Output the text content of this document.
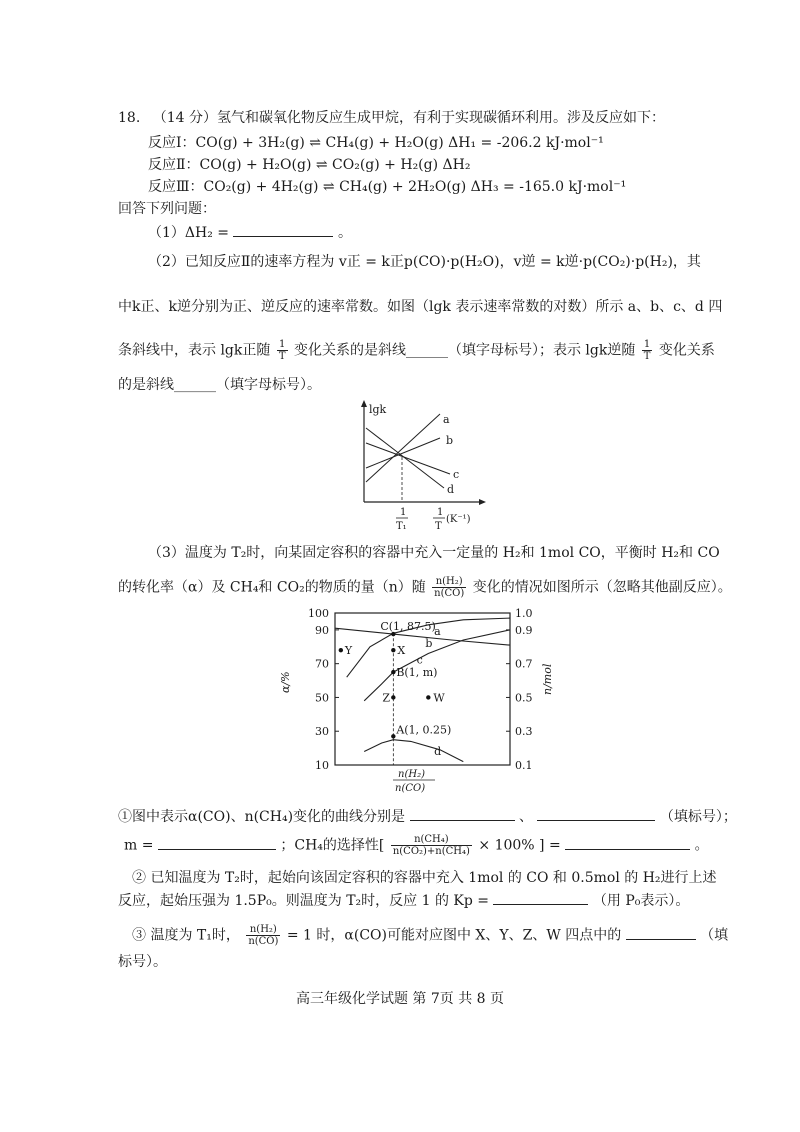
18. （14 分）氢气和碳氧化物反应生成甲烷，有利于实现碳循环利用。涉及反应如下：
反应Ⅰ：CO(g) + 3H₂(g) ⇌ CH₄(g) + H₂O(g) ΔH₁ = -206.2 kJ·mol⁻¹
反应Ⅱ：CO(g) + H₂O(g) ⇌ CO₂(g) + H₂(g) ΔH₂
反应Ⅲ：CO₂(g) + 4H₂(g) ⇌ CH₄(g) + 2H₂O(g) ΔH₃ = -165.0 kJ·mol⁻¹
回答下列问题：
（1）ΔH₂ =	。
（2）已知反应Ⅱ的速率方程为 v正 = k正p(CO)·p(H₂O)，v逆 = k逆·p(CO₂)·p(H₂)，其
中k正、k逆分别为正、逆反应的速率常数。如图（lgk 表示速率常数的对数）所示 a、b、c、d 四
条斜线中，表示 lgk正随 $\frac{1}{T}$ 变化关系的是斜线______（填字母标号）；表示 lgk逆随 $\frac{1}{T}$ 变化关系
的是斜线______（填字母标号）。
lgk
a
b
c
d
1
T₁
1
T
(K⁻¹)
（3）温度为 T₂时，向某固定容积的容器中充入一定量的 H₂和 1mol CO，平衡时 H₂和 CO
的转化率（α）及 CH₄和 CO₂的物质的量（n）随 $\frac{\text{n(H₂)}}{n(CO)}$ 变化的情况如图所示（忽略其他副反应）。
100
90
70
50
30
10
1.0
0.9
0.7
0.5
0.3
0.1
α/%	n/mol
a
b
c
d
C(1, 87.5)
B(1, m)
A(1, 0.25)
X
Y
Z	W
n(H₂)
n(CO)
①图中表示α(CO)、n(CH₄)变化的曲线分别是	、	（填标号）；
m =	；CH₄的选择性[ $\frac{\text{n(CH₄)}}{\text{n(CO₂)+n(CH₄)}} \times 100\%$ ] =	。
② 已知温度为 T₂时，起始向该固定容积的容器中充入 1mol 的 CO 和 0.5mol 的 H₂进行上述
反应，起始压强为 1.5P₀。则温度为 T₂时，反应 1 的 Kp =	（用 P₀表示）。
③ 温度为 T₁时， $\frac{\text{n(H₂)}}{n(CO)} = 1$ 时，α(CO)可能对应图中 X、Y、Z、W 四点中的	（填
标号）。
高三年级化学试题 第 7页 共 8 页
